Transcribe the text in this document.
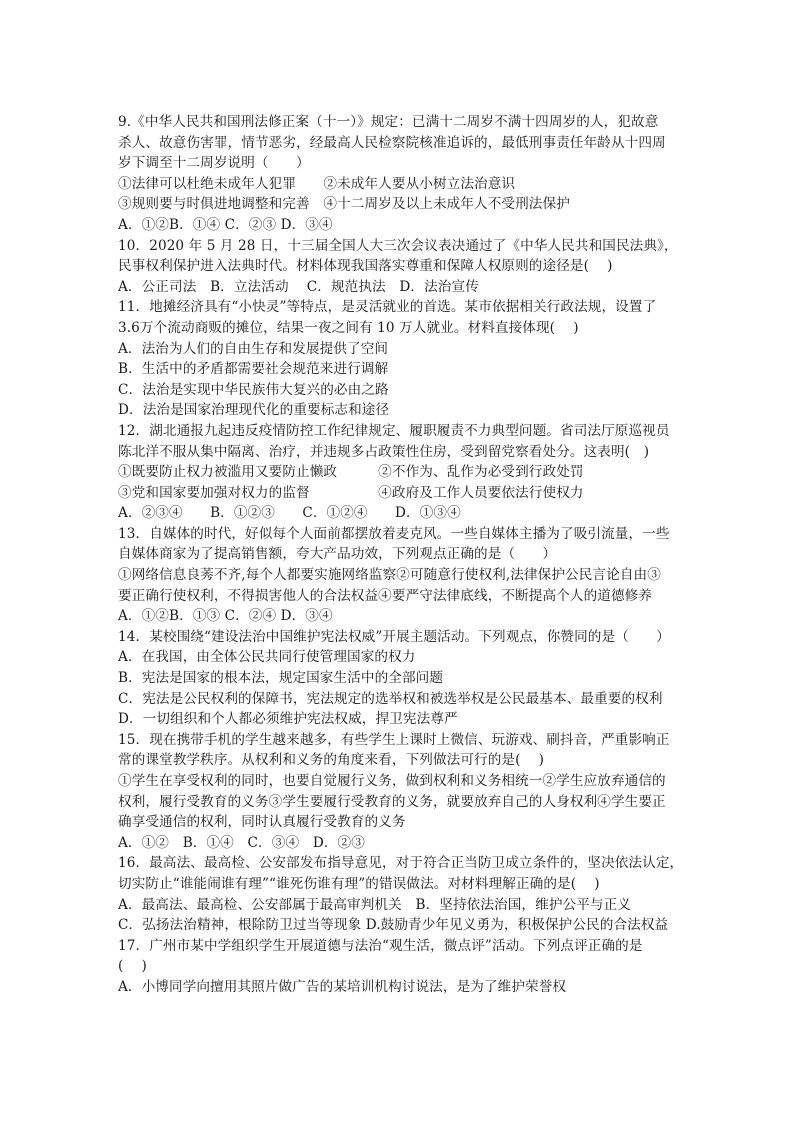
9.《中华人民共和国刑法修正案（十一）》规定：已满十二周岁不满十四周岁的人，犯故意
杀人、故意伤害罪，情节恶劣，经最高人民检察院核准追诉的，最低刑事责任年龄从十四周
岁下调至十二周岁说明（　　）
①法律可以杜绝未成年人犯罪　　②未成年人要从小树立法治意识
③规则要与时俱进地调整和完善　④十二周岁及以上未成年人不受刑法保护
A．①②B．①④ C．②③ D．③④
10．2020 年 5 月 28 日，十三届全国人大三次会议表决通过了《中华人民共和国民法典》，
民事权利保护进入法典时代。材料体现我国落实尊重和保障人权原则的途径是(　 )
A．公正司法　B．立法活动　 C．规范执法　D．法治宣传
11．地摊经济具有“小快灵”等特点，是灵活就业的首选。某市依据相关行政法规，设置了
3.6万个流动商贩的摊位，结果一夜之间有 10 万人就业。材料直接体现(　 )
A．法治为人们的自由生存和发展提供了空间
B．生活中的矛盾都需要社会规范来进行调解
C．法治是实现中华民族伟大复兴的必由之路
D．法治是国家治理现代化的重要标志和途径
12．湖北通报九起违反疫情防控工作纪律规定、履职履责不力典型问题。省司法厅原巡视员
陈北洋不服从集中隔离、治疗，并违规多占政策性住房，受到留党察看处分。这表明(　)
①既要防止权力被滥用又要防止懒政　　　②不作为、乱作为必受到行政处罚
③党和国家要加强对权力的监督　　　　　④政府及工作人员要依法行使权力
A．②③④　　B．①②③　　C．①②④　　D．①③④
13．自媒体的时代，好似每个人面前都摆放着麦克风。一些自媒体主播为了吸引流量，一些
自媒体商家为了提高销售额，夸大产品功效，下列观点正确的是（　　）
①网络信息良莠不齐,每个人都要实施网络监察②可随意行使权利,法律保护公民言论自由③
要正确行使权利，不得损害他人的合法权益④要严守法律底线，不断提高个人的道德修养
A．①②B．①③ C．②④ D．③④
14．某校围绕“建设法治中国维护宪法权威”开展主题活动。下列观点，你赞同的是（　　）
A．在我国，由全体公民共同行使管理国家的权力
B．宪法是国家的根本法，规定国家生活中的全部问题
C．宪法是公民权利的保障书，宪法规定的选举权和被选举权是公民最基本、最重要的权利
D．一切组织和个人都必须维护宪法权威，捍卫宪法尊严
15．现在携带手机的学生越来越多，有些学生上课时上微信、玩游戏、刷抖音，严重影响正
常的课堂教学秩序。从权利和义务的角度来看，下列做法可行的是(　 )
①学生在享受权利的同时，也要自觉履行义务，做到权利和义务相统一②学生应放弃通信的
权利，履行受教育的义务③学生要履行受教育的义务，就要放弃自己的人身权利④学生要正
确享受通信的权利，同时认真履行受教育的义务
A．①②　B．①④　C．③④　D．②③
16．最高法、最高检、公安部发布指导意见，对于符合正当防卫成立条件的，坚决依法认定，
切实防止“谁能闹谁有理”“谁死伤谁有理”的错误做法。对材料理解正确的是(　 )
A．最高法、最高检、公安部属于最高审判机关　B．坚持依法治国，维护公平与正义
C．弘扬法治精神，根除防卫过当等现象 D.鼓励青少年见义勇为，积极保护公民的合法权益
17．广州市某中学组织学生开展道德与法治“观生活，微点评”活动。下列点评正确的是
(　 )
A．小博同学向擅用其照片做广告的某培训机构讨说法，是为了维护荣誉权
